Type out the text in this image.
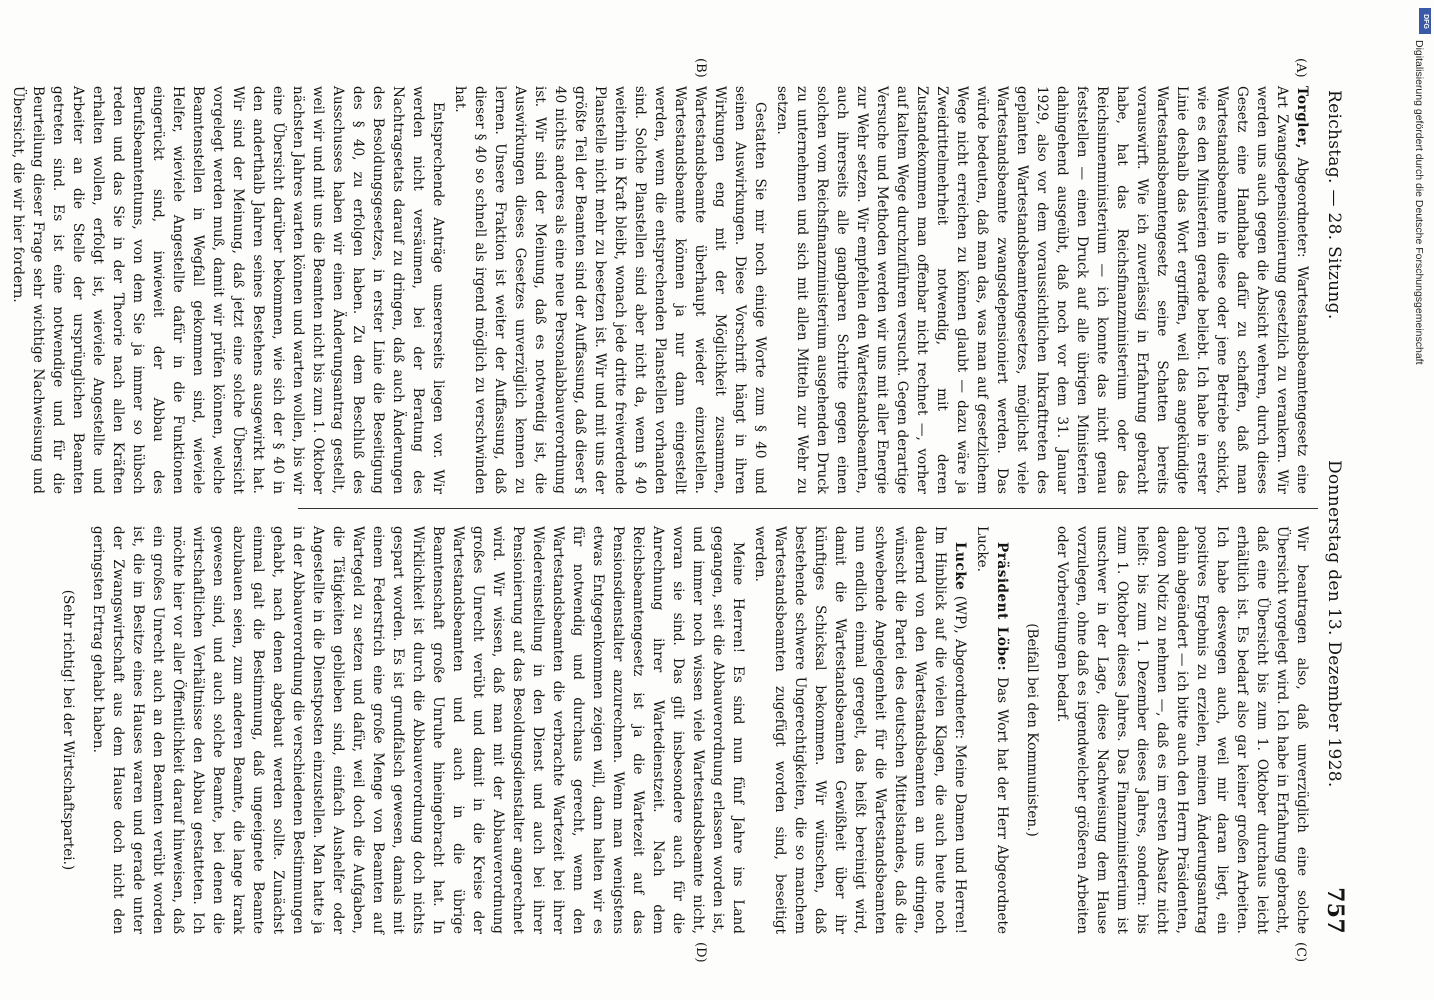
Reichstag. — 28. Sitzung.
Donnerstag den 13. Dezember 1928.
757
(A)
(B)
(C)
(D)

Torgler, Abgeordneter: Wartestandsbeamtengesetz eine Art Zwangsdepensionierung gesetzlich zu verankern. Wir werden uns auch gegen die Absicht wehren, durch dieses Gesetz eine Handhabe dafür zu schaffen, daß man Wartestandsbeamte in diese oder jene Betriebe schickt, wie es den Ministerien gerade beliebt. Ich habe in erster Linie deshalb das Wort ergriffen, weil das angekündigte Wartestandsbeamtengesetz seine Schatten bereits vorauswirft. Wie ich zuverlässig in Erfahrung gebracht habe, hat das Reichsfinanzministerium oder das Reichsinnenministerium — ich konnte das nicht genau feststellen — einen Druck auf alle übrigen Ministerien dahingehend ausgeübt, daß noch vor dem 31. Januar 1929, also vor dem voraussichtlichen Inkrafttreten des geplanten Wartestandsbeamtengesetzes, möglichst viele Wartestandsbeamte zwangsdepensioniert werden. Das würde bedeuten, daß man das, was man auf gesetzlichem Wege nicht erreichen zu können glaubt — dazu wäre ja Zweidrittelmehrheit notwendig, mit deren Zustandekommen man offenbar nicht rechnet —, vorher auf kaltem Wege durchzuführen versucht. Gegen derartige Versuche und Methoden werden wir uns mit aller Energie zur Wehr setzen. Wir empfehlen den Wartestandsbeamten, auch ihrerseits alle gangbaren Schritte gegen einen solchen vom Reichsfinanzministerium ausgehenden Druck zu unternehmen und sich mit allen Mitteln zur Wehr zu setzen.

Gestatten Sie mir noch einige Worte zum § 40 und seinen Auswirkungen. Diese Vorschrift hängt in ihren Wirkungen eng mit der Möglichkeit zusammen, Wartestandsbeamte überhaupt wieder einzustellen. Wartestandsbeamte können ja nur dann eingestellt werden, wenn die entsprechenden Planstellen vorhanden sind. Solche Planstellen sind aber nicht da, wenn § 40 weiterhin in Kraft bleibt, wonach jede dritte freiwerdende Planstelle nicht mehr zu besetzen ist. Wir und mit uns der größte Teil der Beamten sind der Auffassung, daß dieser § 40 nichts anderes als eine neue Personalabbauverordnung ist. Wir sind der Meinung, daß es notwendig ist, die Auswirkungen dieses Gesetzes unverzüglich kennen zu lernen. Unsere Fraktion ist weiter der Auffassung, daß dieser § 40 so schnell als irgend möglich zu verschwinden hat.

Entsprechende Anträge unsererseits liegen vor. Wir werden nicht versäumen, bei der Beratung des Nachtragsetats darauf zu dringen, daß auch Änderungen des Besoldungsgesetzes, in erster Linie die Beseitigung des § 40, zu erfolgen haben. Zu dem Beschluß des Ausschusses haben wir einen Änderungsantrag gestellt, weil wir und mit uns die Beamten nicht bis zum 1. Oktober nächsten Jahres warten können und warten wollen, bis wir eine Übersicht darüber bekommen, wie sich der § 40 in den anderthalb Jahren seines Bestehens ausgewirkt hat. Wir sind der Meinung, daß jetzt eine solche Übersicht vorgelegt werden muß, damit wir prüfen können, welche Beamtenstellen in Wegfall gekommen sind, wieviele Helfer, wieviele Angestellte dafür in die Funktionen eingerückt sind, inwieweit der Abbau des Berufsbeamtentums, von dem Sie ja immer so hübsch reden und das Sie in der Theorie nach allen Kräften erhalten wollen, erfolgt ist, wieviele Angestellte und Arbeiter an die Stelle der ursprünglichen Beamten getreten sind. Es ist eine notwendige und für die Beurteilung dieser Frage sehr wichtige Nachweisung und Übersicht, die wir hier fordern.

Wir beantragen also, daß unverzüglich eine solche Übersicht vorgelegt wird. Ich habe in Erfahrung gebracht, daß eine Übersicht bis zum 1. Oktober durchaus leicht erhältlich ist. Es bedarf also gar keiner großen Arbeiten. Ich habe deswegen auch, weil mir daran liegt, ein positives Ergebnis zu erzielen, meinen Änderungsantrag dahin abgeändert — ich bitte auch den Herrn Präsidenten, davon Notiz zu nehmen —, daß es im ersten Absatz nicht heißt: bis zum 1. Dezember dieses Jahres, sondern: bis zum 1. Oktober dieses Jahres. Das Finanzministerium ist unschwer in der Lage, diese Nachweisung dem Hause vorzulegen, ohne daß es irgendwelcher größeren Arbeiten oder Vorbereitungen bedarf.

(Beifall bei den Kommunisten.)

Präsident Löbe: Das Wort hat der Herr Abgeordnete Lucke.

Lucke (WP), Abgeordneter: Meine Damen und Herren! Im Hinblick auf die vielen Klagen, die auch heute noch dauernd von den Wartestandsbeamten an uns dringen, wünscht die Partei des deutschen Mittelstandes, daß die schwebende Angelegenheit für die Wartestandsbeamten nun endlich einmal geregelt, das heißt bereinigt wird, damit die Wartestandsbeamten Gewißheit über ihr künftiges Schicksal bekommen. Wir wünschen, daß bestehende schwere Ungerechtigkeiten, die so manchem Wartestandsbeamten zugefügt worden sind, beseitigt werden.

Meine Herren! Es sind nun fünf Jahre ins Land gegangen, seit die Abbauverordnung erlassen worden ist, und immer noch wissen viele Wartestandsbeamte nicht, woran sie sind. Das gilt insbesondere auch für die Anrechnung ihrer Wartedienstzeit. Nach dem Reichsbeamtengesetz ist ja die Wartezeit auf das Pensionsdienstalter anzurechnen. Wenn man wenigstens etwas Entgegenkommen zeigen will, dann halten wir es für notwendig und durchaus gerecht, wenn den Wartestandsbeamten die verbrachte Wartezeit bei ihrer Wiedereinstellung in den Dienst und auch bei ihrer Pensionierung auf das Besoldungsdienstalter angerechnet wird. Wir wissen, daß man mit der Abbauverordnung großes Unrecht verübt und damit in die Kreise der Wartestandsbeamten und auch in die übrige Beamtenschaft große Unruhe hineingebracht hat. In Wirklichkeit ist durch die Abbauverordnung doch nichts gespart worden. Es ist grundfalsch gewesen, damals mit einem Federstrich eine große Menge von Beamten auf Wartegeld zu setzen und dafür, weil doch die Aufgaben, die Tätigkeiten geblieben sind, einfach Aushelfer oder Angestellte in die Dienstposten einzustellen. Man hatte ja in der Abbauverordnung die verschiedenen Bestimmungen gehabt, nach denen abgebaut werden sollte. Zunächst einmal galt die Bestimmung, daß ungeeignete Beamte abzubauen seien, zum anderen Beamte, die lange krank gewesen sind, und auch solche Beamte, bei denen die wirtschaftlichen Verhältnisse den Abbau gestatteten. Ich möchte hier vor aller Öffentlichkeit darauf hinweisen, daß ein großes Unrecht auch an den Beamten verübt worden ist, die im Besitze eines Hauses waren und gerade unter der Zwangswirtschaft aus dem Hause doch nicht den geringsten Ertrag gehabt haben.

(Sehr richtig! bei der Wirtschaftspartei.)

DFG
Digitalisierung gefördert durch die Deutsche Forschungsgemeinschaft
